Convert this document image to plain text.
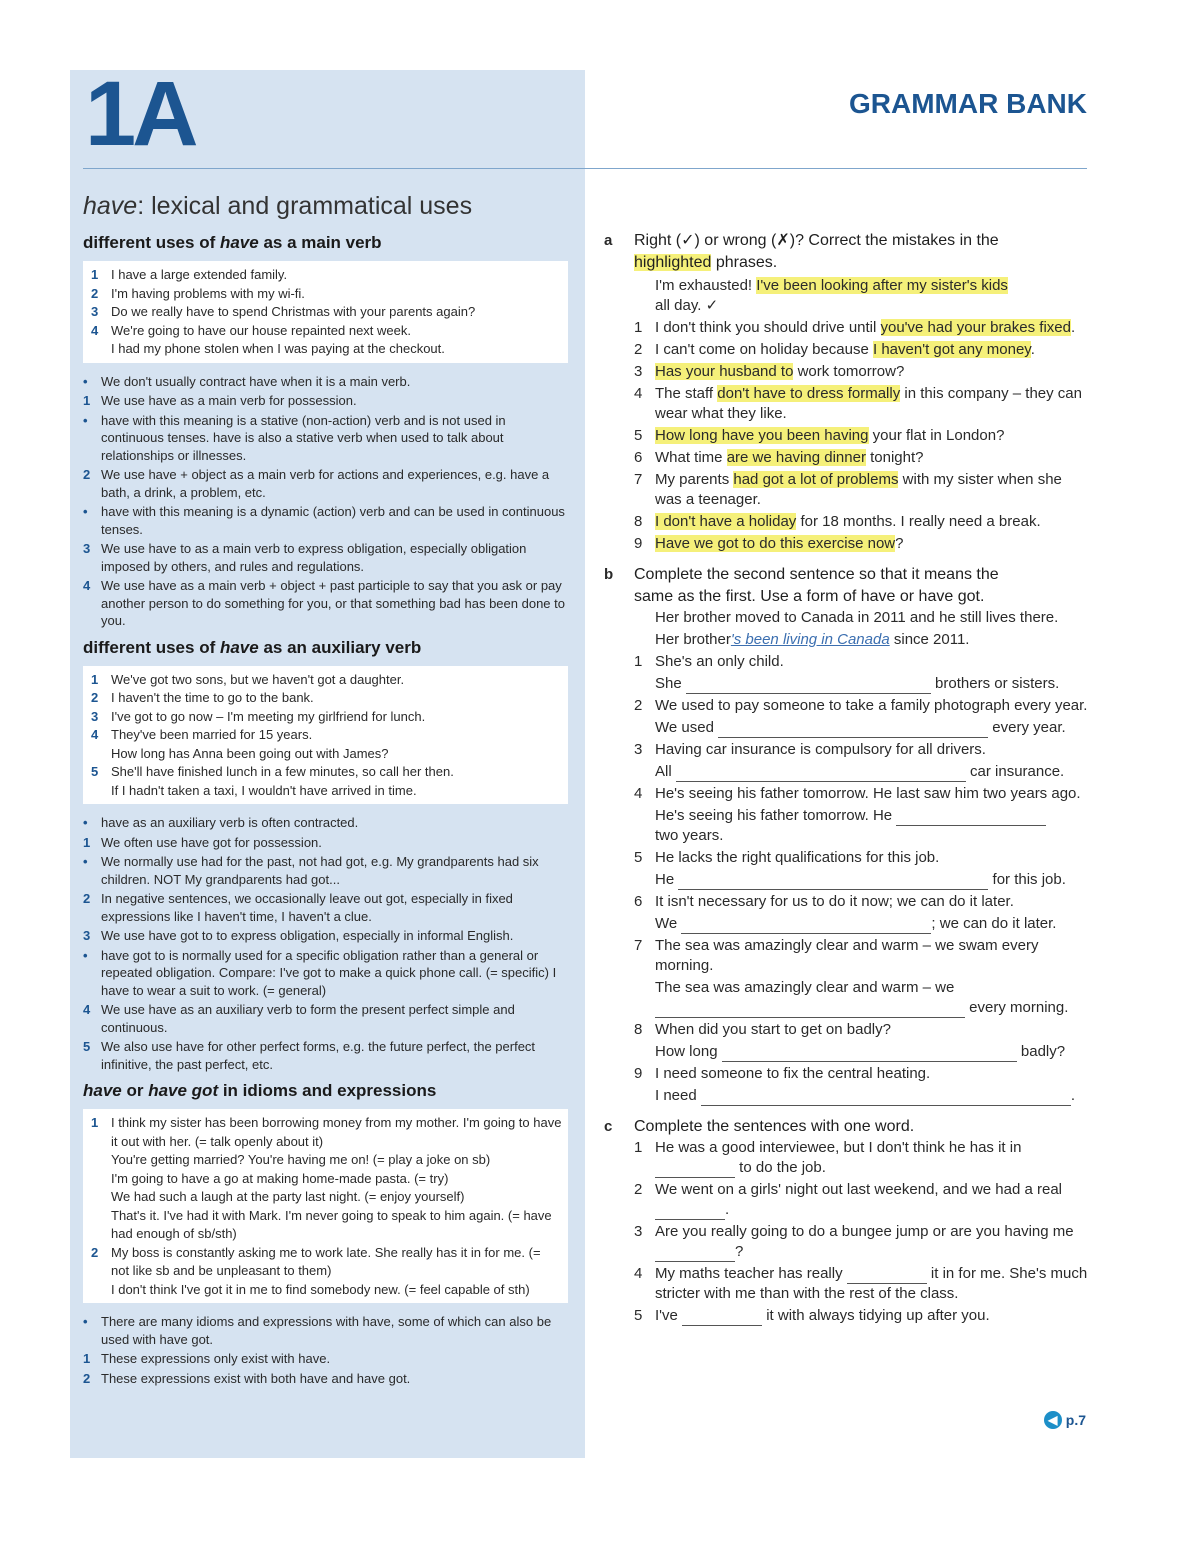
1A	GRAMMAR BANK
have: lexical and grammatical uses
different uses of have as a main verb
1 I have a large extended family.
2 I'm having problems with my wi-fi.
3 Do we really have to spend Christmas with your parents again?
4 We're going to have our house repainted next week.
I had my phone stolen when I was paying at the checkout.
•	We don't usually contract have when it is a main verb.
1 We use have as a main verb for possession.
•	have with this meaning is a stative (non-action) verb and is not used in continuous tenses. have is also a stative verb when used to talk about relationships or illnesses.
2 We use have + object as a main verb for actions and experiences, e.g. have a bath, a drink, a problem, etc.
•	have with this meaning is a dynamic (action) verb and can be used in continuous tenses.
3 We use have to as a main verb to express obligation, especially obligation imposed by others, and rules and regulations.
4 We use have as a main verb + object + past participle to say that you ask or pay another person to do something for you, or that something bad has been done to you.
different uses of have as an auxiliary verb
1 We've got two sons, but we haven't got a daughter.
2 I haven't the time to go to the bank.
3 I've got to go now – I'm meeting my girlfriend for lunch.
4 They've been married for 15 years.
How long has Anna been going out with James?
5 She'll have finished lunch in a few minutes, so call her then.
If I hadn't taken a taxi, I wouldn't have arrived in time.
•	have as an auxiliary verb is often contracted.
1 We often use have got for possession.
•	We normally use had for the past, not had got, e.g. My grandparents had six children. NOT My grandparents had got...
2 In negative sentences, we occasionally leave out got, especially in fixed expressions like I haven't time, I haven't a clue.
3 We use have got to to express obligation, especially in informal English.
•	have got to is normally used for a specific obligation rather than a general or repeated obligation. Compare: I've got to make a quick phone call. (= specific) I have to wear a suit to work. (= general)
4 We use have as an auxiliary verb to form the present perfect simple and continuous.
5 We also use have for other perfect forms, e.g. the future perfect, the perfect infinitive, the past perfect, etc.
have or have got in idioms and expressions
1 I think my sister has been borrowing money from my mother. I'm going to have it out with her. (= talk openly about it)
You're getting married? You're having me on! (= play a joke on sb)
I'm going to have a go at making home-made pasta. (= try)
We had such a laugh at the party last night. (= enjoy yourself)
That's it. I've had it with Mark. I'm never going to speak to him again. (= have had enough of sb/sth)
2 My boss is constantly asking me to work late. She really has it in for me. (= not like sb and be unpleasant to them)
I don't think I've got it in me to find somebody new. (= feel capable of sth)
•	There are many idioms and expressions with have, some of which can also be used with have got.
1 These expressions only exist with have.
2 These expressions exist with both have and have got.
a	Right (✓) or wrong (✗)? Correct the mistakes in the
highlighted phrases.
I'm exhausted! I've been looking after my sister's kids
all day. ✓
1 I don't think you should drive until you've had your brakes fixed.
2 I can't come on holiday because I haven't got any money.
3 Has your husband to work tomorrow?
4 The staff don't have to dress formally in this company – they can wear what they like.
5 How long have you been having your flat in London?
6 What time are we having dinner tonight?
7 My parents had got a lot of problems with my sister when she was a teenager.
8 I don't have a holiday for 18 months. I really need a break.
9 Have we got to do this exercise now?
b	Complete the second sentence so that it means the
same as the first. Use a form of have or have got.
Her brother moved to Canada in 2011 and he still lives there.
Her brother's been living in Canada since 2011.
1 She's an only child.
She	brothers or sisters.
2 We used to pay someone to take a family photograph every year.
We used	every year.
3 Having car insurance is compulsory for all drivers.
All	car insurance.
4 He's seeing his father tomorrow. He last saw him two years ago.
He's seeing his father tomorrow. He
two years.
5 He lacks the right qualifications for this job.
He	for this job.
6 It isn't necessary for us to do it now; we can do it later.
We	; we can do it later.
7 The sea was amazingly clear and warm – we swam every morning.
The sea was amazingly clear and warm – we
every morning.
8 When did you start to get on badly?
How long	badly?
9 I need someone to fix the central heating.
I need	.
c	Complete the sentences with one word.
1 He was a good interviewee, but I don't think he has it in  to do the job.
2 We went on a girls' night out last weekend, and we had a real .
3 Are you really going to do a bungee jump or are you having me ?
4 My maths teacher has really	it in for me. She's much stricter with me than with the rest of the class.
5 I've	it with always tidying up after you.
◀ p.7
